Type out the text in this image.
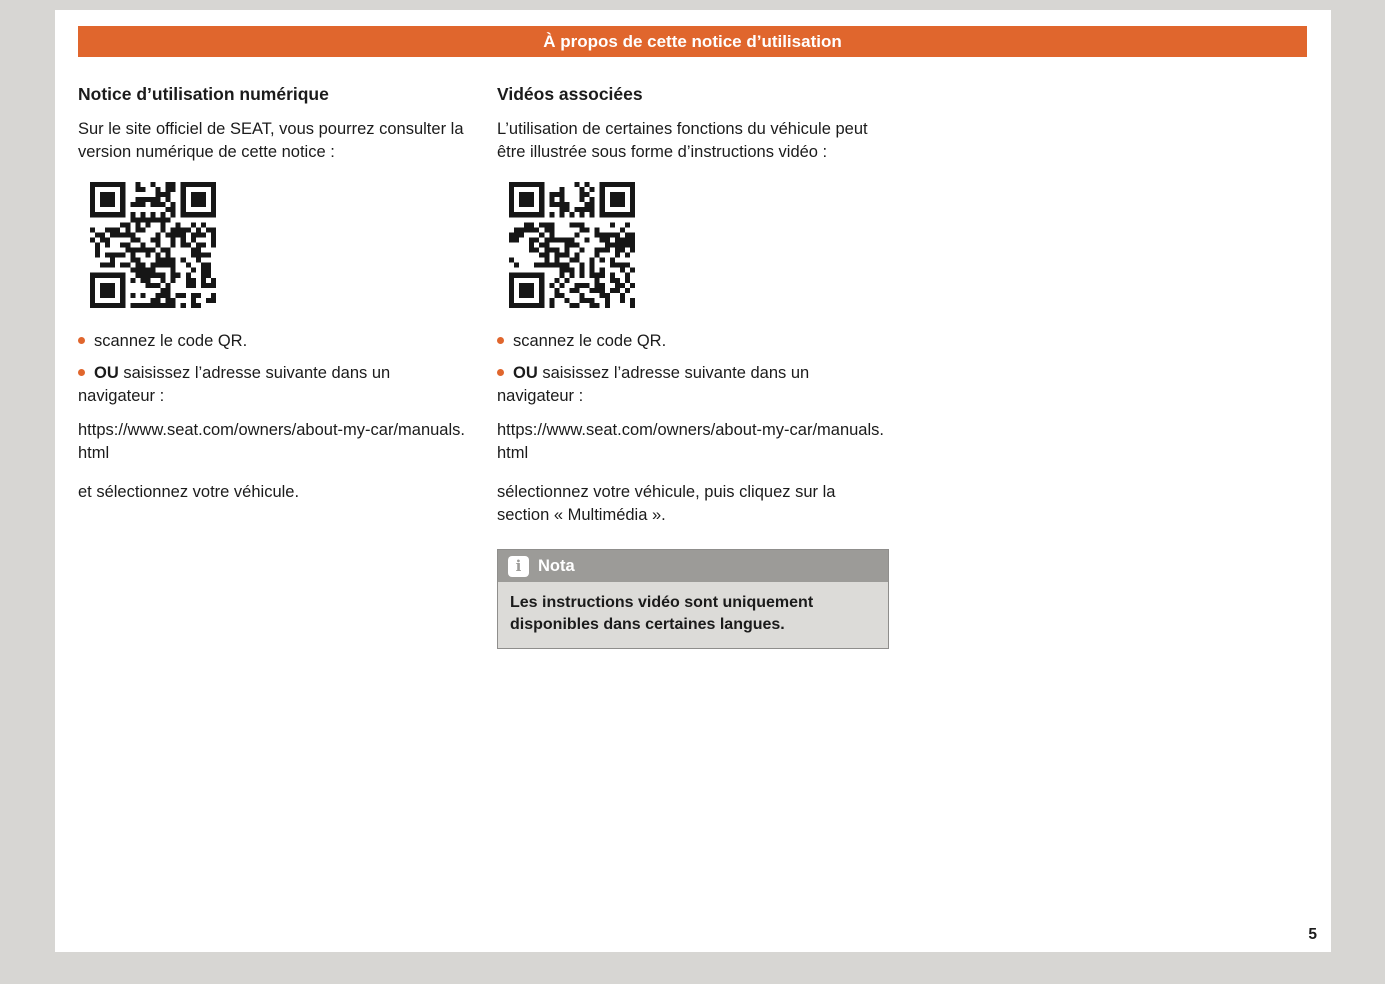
À propos de cette notice d’utilisation
Notice d’utilisation numérique

Sur le site officiel de SEAT, vous pourrez consulter la version numérique de cette notice :

scannez le code QR.

OU saisissez l’adresse suivante dans un navigateur :

https://www.seat.com/owners/about-my-car/manuals.html

et sélectionnez votre véhicule.

Vidéos associées

L’utilisation de certaines fonctions du véhicule peut être illustrée sous forme d’instructions vidéo :

scannez le code QR.

OU saisissez l’adresse suivante dans un navigateur :

https://www.seat.com/owners/about-my-car/manuals.html

sélectionnez votre véhicule, puis cliquez sur la section « Multimédia ».

i	Nota
Les instructions vidéo sont uniquement disponibles dans certaines langues.
5
